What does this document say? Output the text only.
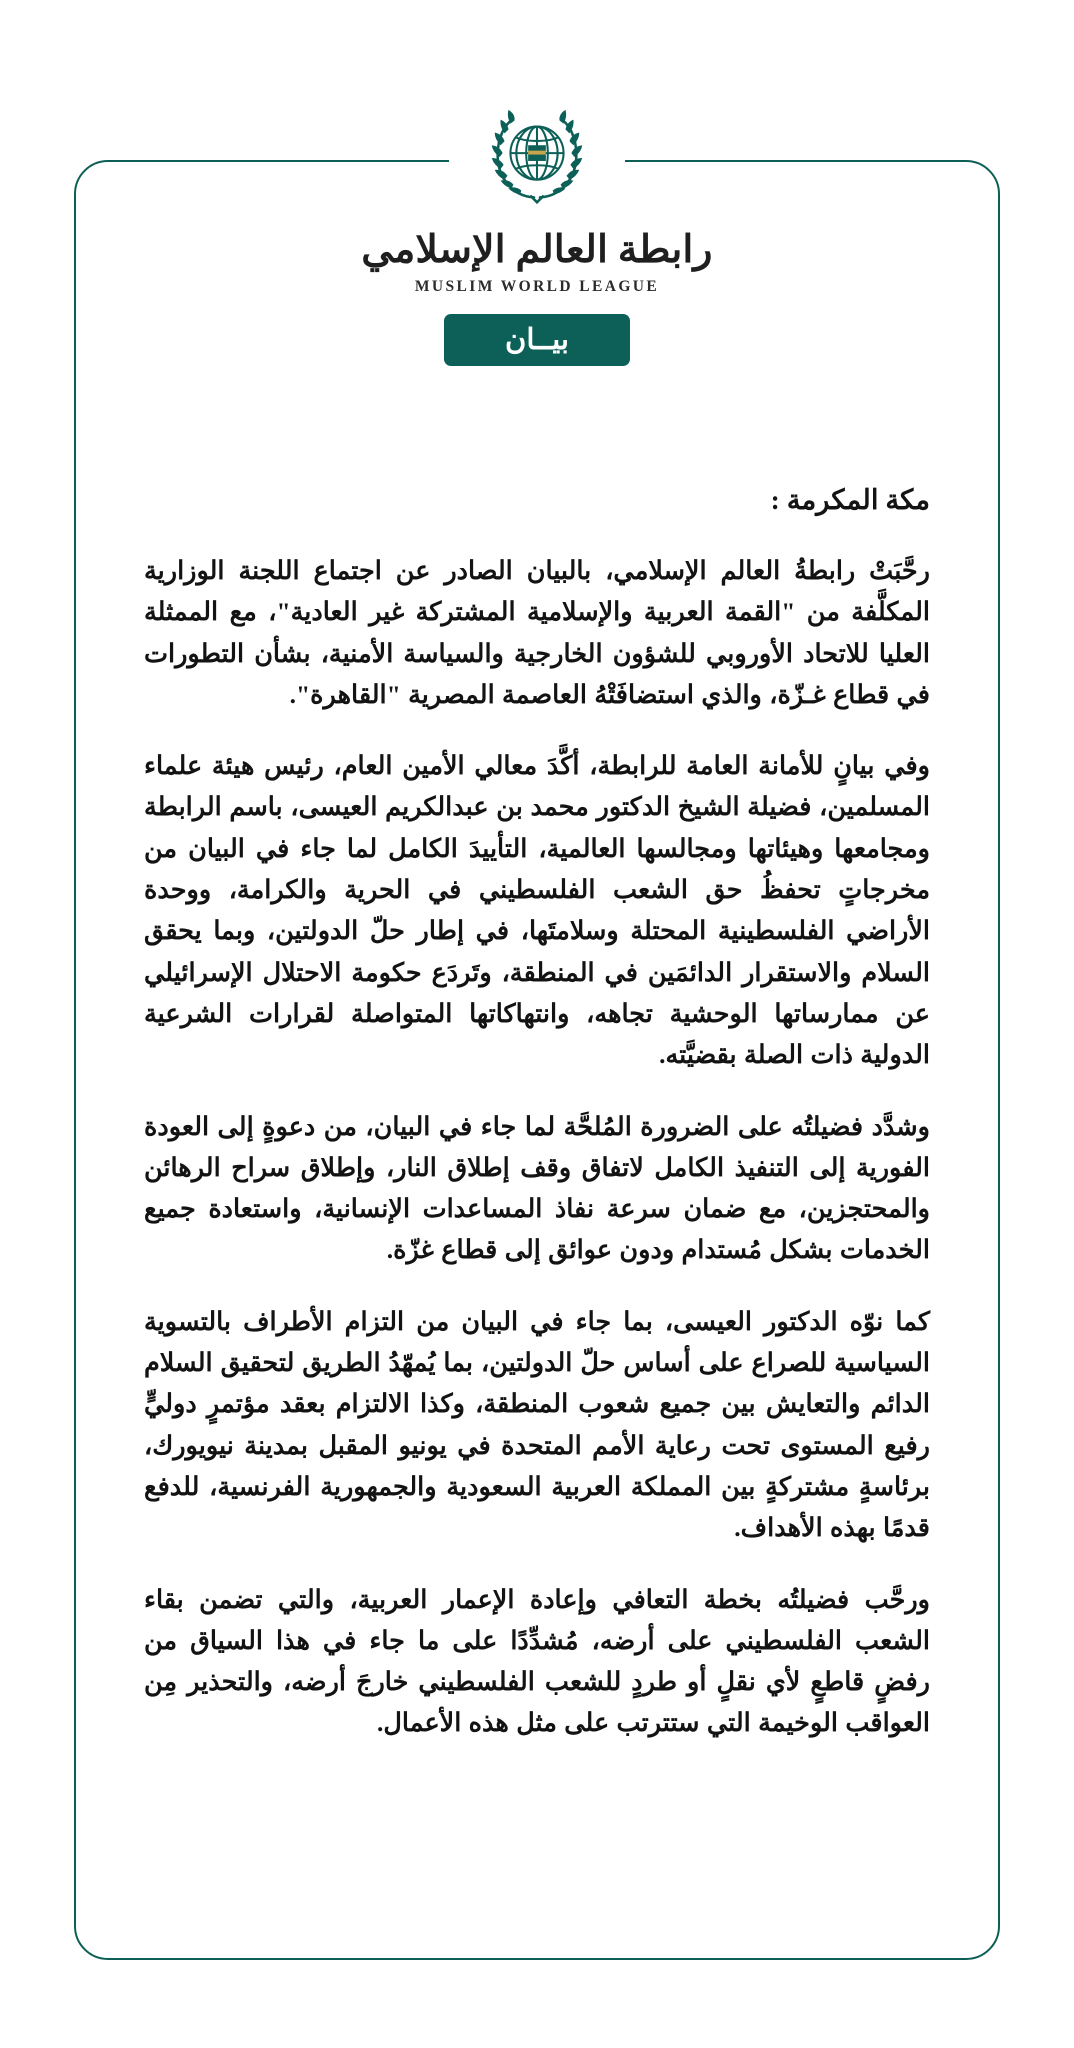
رابطة العالم الإسلامي
MUSLIM WORLD LEAGUE
بيــان

مكة المكرمة :

رحَّبَتْ رابطةُ العالم الإسلامي، بالبيان الصادر عن اجتماع اللجنة الوزارية المكلَّفة من "القمة العربية والإسلامية المشتركة غير العادية"، مع الممثلة العليا للاتحاد الأوروبي للشؤون الخارجية والسياسة الأمنية، بشأن التطورات في قطاع غـزّة، والذي استضافَتْهُ العاصمة المصرية "القاهرة".

وفي بيانٍ للأمانة العامة للرابطة، أكَّدَ معالي الأمين العام، رئيس هيئة علماء المسلمين، فضيلة الشيخ الدكتور محمد بن عبدالكريم العيسى، باسم الرابطة ومجامعها وهيئاتها ومجالسها العالمية، التأييدَ الكامل لما جاء في البيان من مخرجاتٍ تحفظُ حق الشعب الفلسطيني في الحرية والكرامة، ووحدة الأراضي الفلسطينية المحتلة وسلامتَها، في إطار حلّ الدولتين، وبما يحقق السلام والاستقرار الدائمَين في المنطقة، وتَردَع حكومة الاحتلال الإسرائيلي عن ممارساتها الوحشية تجاهه، وانتهاكاتها المتواصلة لقرارات الشرعية الدولية ذات الصلة بقضيَّته.

وشدَّد فضيلتُه على الضرورة المُلحَّة لما جاء في البيان، من دعوةٍ إلى العودة الفورية إلى التنفيذ الكامل لاتفاق وقف إطلاق النار، وإطلاق سراح الرهائن والمحتجزين، مع ضمان سرعة نفاذ المساعدات الإنسانية، واستعادة جميع الخدمات بشكل مُستدام ودون عوائق إلى قطاع غزّة.

كما نوّه الدكتور العيسى، بما جاء في البيان من التزام الأطراف بالتسوية السياسية للصراع على أساس حلّ الدولتين، بما يُمهّدُ الطريق لتحقيق السلام الدائم والتعايش بين جميع شعوب المنطقة، وكذا الالتزام بعقد مؤتمرٍ دوليٍّ رفيع المستوى تحت رعاية الأمم المتحدة في يونيو المقبل بمدينة نيويورك، برئاسةٍ مشتركةٍ بين المملكة العربية السعودية والجمهورية الفرنسية، للدفع قدمًا بهذه الأهداف.

ورحَّب فضيلتُه بخطة التعافي وإعادة الإعمار العربية، والتي تضمن بقاء الشعب الفلسطيني على أرضه، مُشدِّدًا على ما جاء في هذا السياق من رفضٍ قاطعٍ لأي نقلٍ أو طردٍ للشعب الفلسطيني خارجَ أرضه، والتحذير مِن العواقب الوخيمة التي ستترتب على مثل هذه الأعمال.
